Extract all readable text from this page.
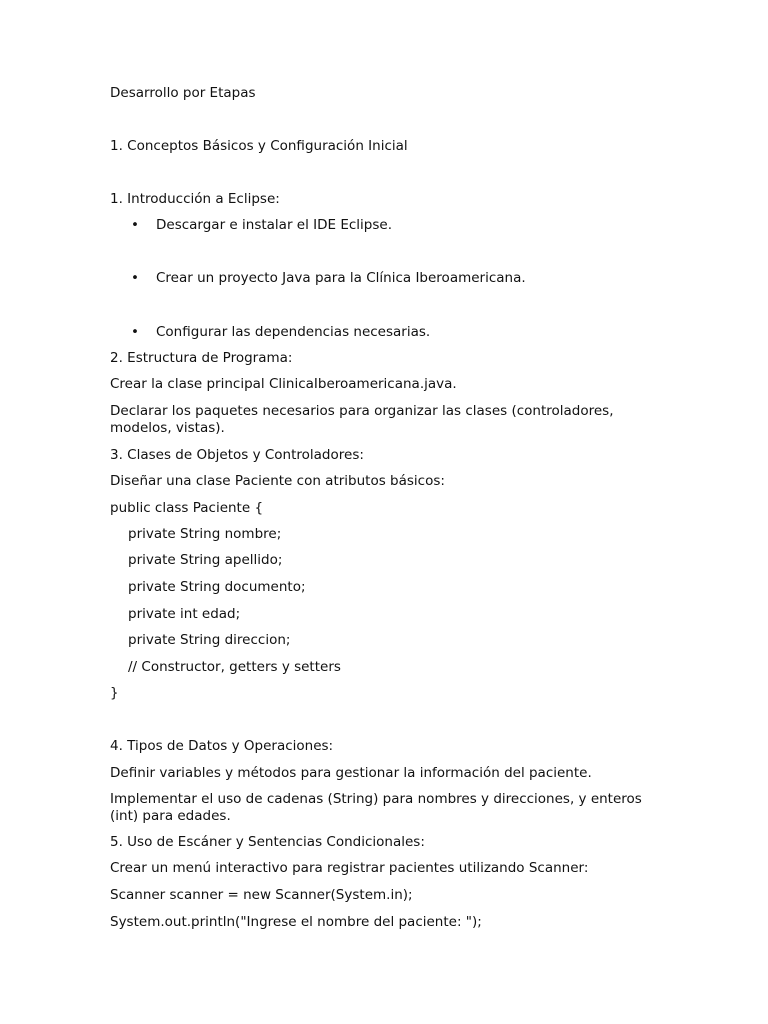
Desarrollo por Etapas
1. Conceptos Básicos y Configuración Inicial
1. Introducción a Eclipse:
• Descargar e instalar el IDE Eclipse.
• Crear un proyecto Java para la Clínica Iberoamericana.
• Configurar las dependencias necesarias.
2. Estructura de Programa:
Crear la clase principal ClinicaIberoamericana.java.
Declarar los paquetes necesarios para organizar las clases (controladores, modelos, vistas).
3. Clases de Objetos y Controladores:
Diseñar una clase Paciente con atributos básicos:
public class Paciente {
private String nombre;
private String apellido;
private String documento;
private int edad;
private String direccion;
// Constructor, getters y setters
}
4. Tipos de Datos y Operaciones:
Definir variables y métodos para gestionar la información del paciente.
Implementar el uso de cadenas (String) para nombres y direcciones, y enteros (int) para edades.
5. Uso de Escáner y Sentencias Condicionales:
Crear un menú interactivo para registrar pacientes utilizando Scanner:
Scanner scanner = new Scanner(System.in);
System.out.println("Ingrese el nombre del paciente: ");
